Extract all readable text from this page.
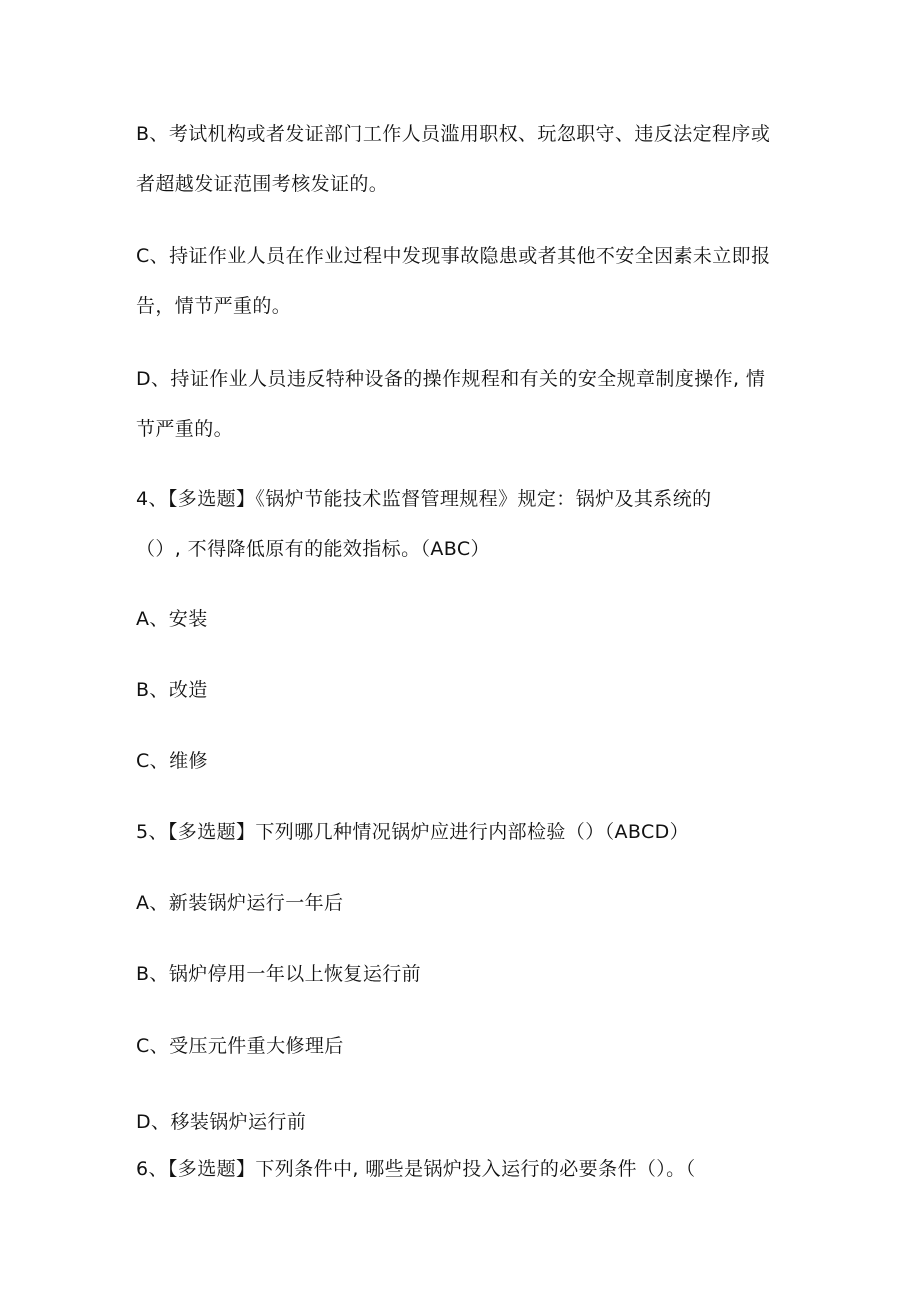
B、考试机构或者发证部门工作人员滥用职权、玩忽职守、违反法定程序或
者超越发证范围考核发证的。
C、持证作业人员在作业过程中发现事故隐患或者其他不安全因素未立即报
告，情节严重的。
D、持证作业人员违反特种设备的操作规程和有关的安全规章制度操作, 情
节严重的。
4、【多选题】《锅炉节能技术监督管理规程》规定：锅炉及其系统的
（）, 不得降低原有的能效指标。（ABC）
A、安装
B、改造
C、维修
5、【多选题】下列哪几种情况锅炉应进行内部检验（）（ABCD）
A、新装锅炉运行一年后
B、锅炉停用一年以上恢复运行前
C、受压元件重大修理后
D、移装锅炉运行前
6、【多选题】下列条件中, 哪些是锅炉投入运行的必要条件（）。（
